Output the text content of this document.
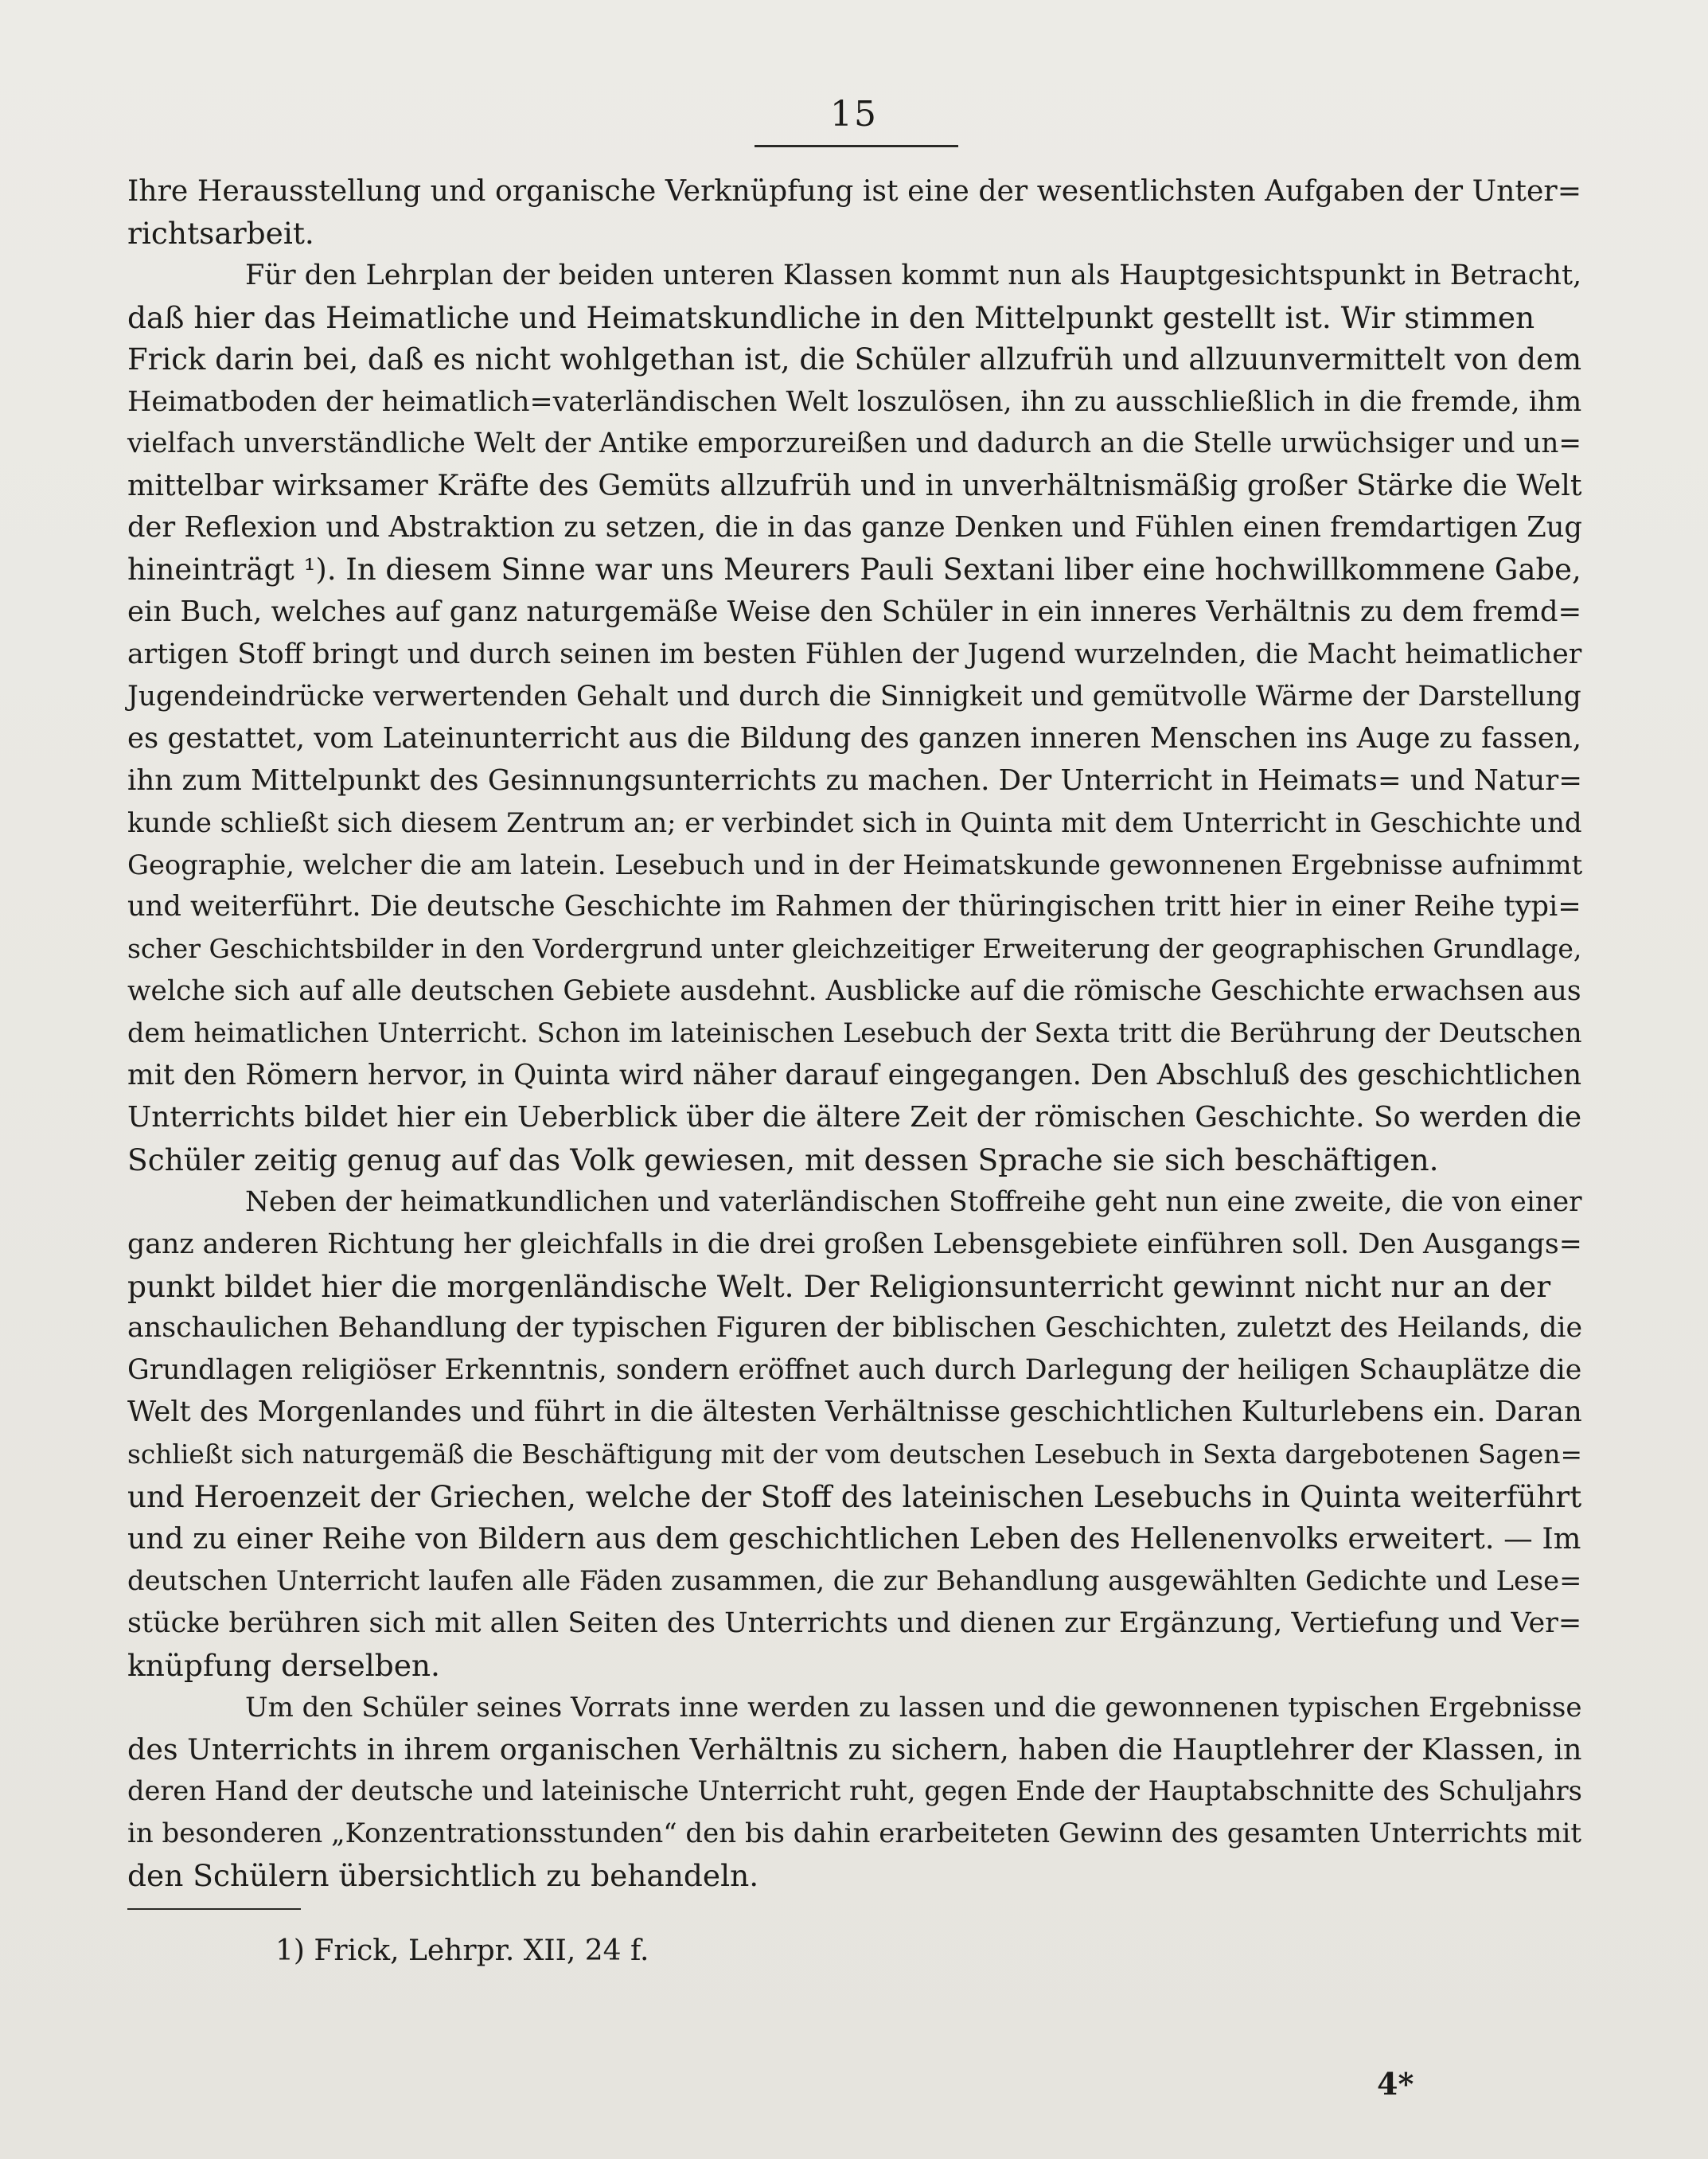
15
Ihre Herausstellung und organische Verknüpfung ist eine der wesentlichsten Aufgaben der Unter=
richtsarbeit.
Für den Lehrplan der beiden unteren Klassen kommt nun als Hauptgesichtspunkt in Betracht,
daß hier das Heimatliche und Heimatskundliche in den Mittelpunkt gestellt ist. Wir stimmen
Frick darin bei, daß es nicht wohlgethan ist, die Schüler allzufrüh und allzuunvermittelt von dem
Heimatboden der heimatlich=vaterländischen Welt loszulösen, ihn zu ausschließlich in die fremde, ihm
vielfach unverständliche Welt der Antike emporzureißen und dadurch an die Stelle urwüchsiger und un=
mittelbar wirksamer Kräfte des Gemüts allzufrüh und in unverhältnismäßig großer Stärke die Welt
der Reflexion und Abstraktion zu setzen, die in das ganze Denken und Fühlen einen fremdartigen Zug
hineinträgt ¹). In diesem Sinne war uns Meurers Pauli Sextani liber eine hochwillkommene Gabe,
ein Buch, welches auf ganz naturgemäße Weise den Schüler in ein inneres Verhältnis zu dem fremd=
artigen Stoff bringt und durch seinen im besten Fühlen der Jugend wurzelnden, die Macht heimatlicher
Jugendeindrücke verwertenden Gehalt und durch die Sinnigkeit und gemütvolle Wärme der Darstellung
es gestattet, vom Lateinunterricht aus die Bildung des ganzen inneren Menschen ins Auge zu fassen,
ihn zum Mittelpunkt des Gesinnungsunterrichts zu machen. Der Unterricht in Heimats= und Natur=
kunde schließt sich diesem Zentrum an; er verbindet sich in Quinta mit dem Unterricht in Geschichte und
Geographie, welcher die am latein. Lesebuch und in der Heimatskunde gewonnenen Ergebnisse aufnimmt
und weiterführt. Die deutsche Geschichte im Rahmen der thüringischen tritt hier in einer Reihe typi=
scher Geschichtsbilder in den Vordergrund unter gleichzeitiger Erweiterung der geographischen Grundlage,
welche sich auf alle deutschen Gebiete ausdehnt. Ausblicke auf die römische Geschichte erwachsen aus
dem heimatlichen Unterricht. Schon im lateinischen Lesebuch der Sexta tritt die Berührung der Deutschen
mit den Römern hervor, in Quinta wird näher darauf eingegangen. Den Abschluß des geschichtlichen
Unterrichts bildet hier ein Ueberblick über die ältere Zeit der römischen Geschichte. So werden die
Schüler zeitig genug auf das Volk gewiesen, mit dessen Sprache sie sich beschäftigen.
Neben der heimatkundlichen und vaterländischen Stoffreihe geht nun eine zweite, die von einer
ganz anderen Richtung her gleichfalls in die drei großen Lebensgebiete einführen soll. Den Ausgangs=
punkt bildet hier die morgenländische Welt. Der Religionsunterricht gewinnt nicht nur an der
anschaulichen Behandlung der typischen Figuren der biblischen Geschichten, zuletzt des Heilands, die
Grundlagen religiöser Erkenntnis, sondern eröffnet auch durch Darlegung der heiligen Schauplätze die
Welt des Morgenlandes und führt in die ältesten Verhältnisse geschichtlichen Kulturlebens ein. Daran
schließt sich naturgemäß die Beschäftigung mit der vom deutschen Lesebuch in Sexta dargebotenen Sagen=
und Heroenzeit der Griechen, welche der Stoff des lateinischen Lesebuchs in Quinta weiterführt
und zu einer Reihe von Bildern aus dem geschichtlichen Leben des Hellenenvolks erweitert. — Im
deutschen Unterricht laufen alle Fäden zusammen, die zur Behandlung ausgewählten Gedichte und Lese=
stücke berühren sich mit allen Seiten des Unterrichts und dienen zur Ergänzung, Vertiefung und Ver=
knüpfung derselben.
Um den Schüler seines Vorrats inne werden zu lassen und die gewonnenen typischen Ergebnisse
des Unterrichts in ihrem organischen Verhältnis zu sichern, haben die Hauptlehrer der Klassen, in
deren Hand der deutsche und lateinische Unterricht ruht, gegen Ende der Hauptabschnitte des Schuljahrs
in besonderen „Konzentrationsstunden“ den bis dahin erarbeiteten Gewinn des gesamten Unterrichts mit
den Schülern übersichtlich zu behandeln.
1) Frick, Lehrpr. XII, 24 f.
4*
